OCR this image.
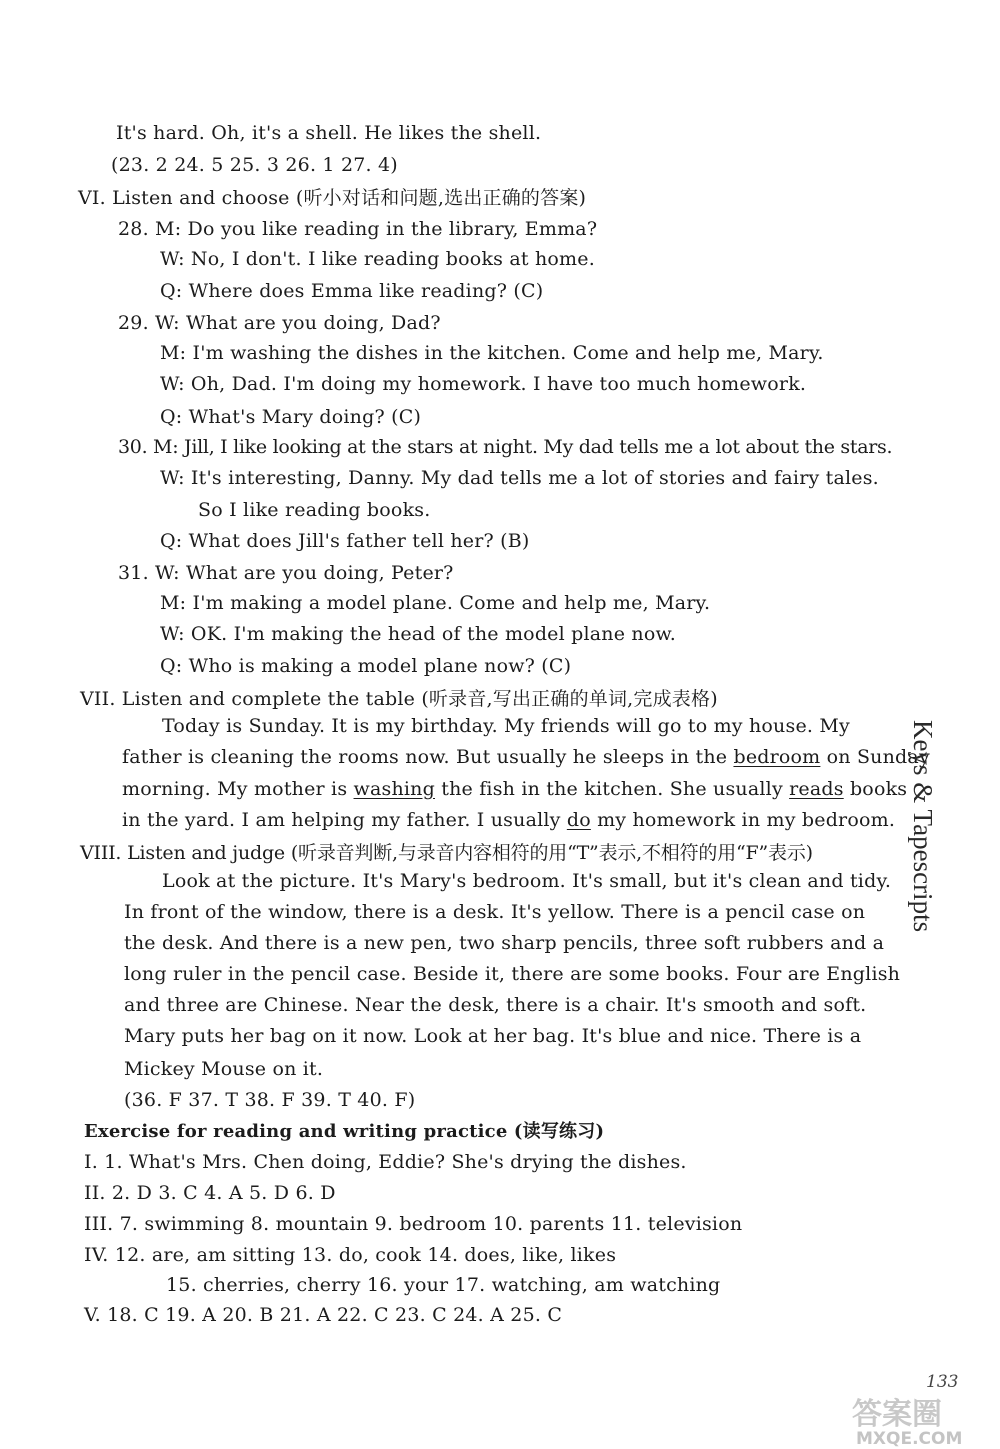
It's hard. Oh, it's a shell. He likes the shell.
(23. 2 24. 5 25. 3 26. 1 27. 4)
VI. Listen and choose (听小对话和问题,选出正确的答案)
28. M: Do you like reading in the library, Emma?
W: No, I don't. I like reading books at home.
Q: Where does Emma like reading? (C)
29. W: What are you doing, Dad?
M: I'm washing the dishes in the kitchen. Come and help me, Mary.
W: Oh, Dad. I'm doing my homework. I have too much homework.
Q: What's Mary doing? (C)
30. M: Jill, I like looking at the stars at night. My dad tells me a lot about the stars.
W: It's interesting, Danny. My dad tells me a lot of stories and fairy tales.
So I like reading books.
Q: What does Jill's father tell her? (B)
31. W: What are you doing, Peter?
M: I'm making a model plane. Come and help me, Mary.
W: OK. I'm making the head of the model plane now.
Q: Who is making a model plane now? (C)
VII. Listen and complete the table (听录音,写出正确的单词,完成表格)
Today is Sunday. It is my birthday. My friends will go to my house. My
father is cleaning the rooms now. But usually he sleeps in the bedroom on Sunday
morning. My mother is washing the fish in the kitchen. She usually reads books
in the yard. I am helping my father. I usually do my homework in my bedroom.
VIII. Listen and judge (听录音判断,与录音内容相符的用“T”表示,不相符的用“F”表示)
Look at the picture. It's Mary's bedroom. It's small, but it's clean and tidy.
In front of the window, there is a desk. It's yellow. There is a pencil case on
the desk. And there is a new pen, two sharp pencils, three soft rubbers and a
long ruler in the pencil case. Beside it, there are some books. Four are English
and three are Chinese. Near the desk, there is a chair. It's smooth and soft.
Mary puts her bag on it now. Look at her bag. It's blue and nice. There is a
Mickey Mouse on it.
(36. F 37. T 38. F 39. T 40. F)
Exercise for reading and writing practice (读写练习)
I. 1. What's Mrs. Chen doing, Eddie? She's drying the dishes.
II. 2. D 3. C 4. A 5. D 6. D
III. 7. swimming 8. mountain 9. bedroom 10. parents 11. television
IV. 12. are, am sitting 13. do, cook 14. does, like, likes
15. cherries, cherry 16. your 17. watching, am watching
V. 18. C 19. A 20. B 21. A 22. C 23. C 24. A 25. C
Keys & Tapescripts
133
答案圈
MXQE.COM
